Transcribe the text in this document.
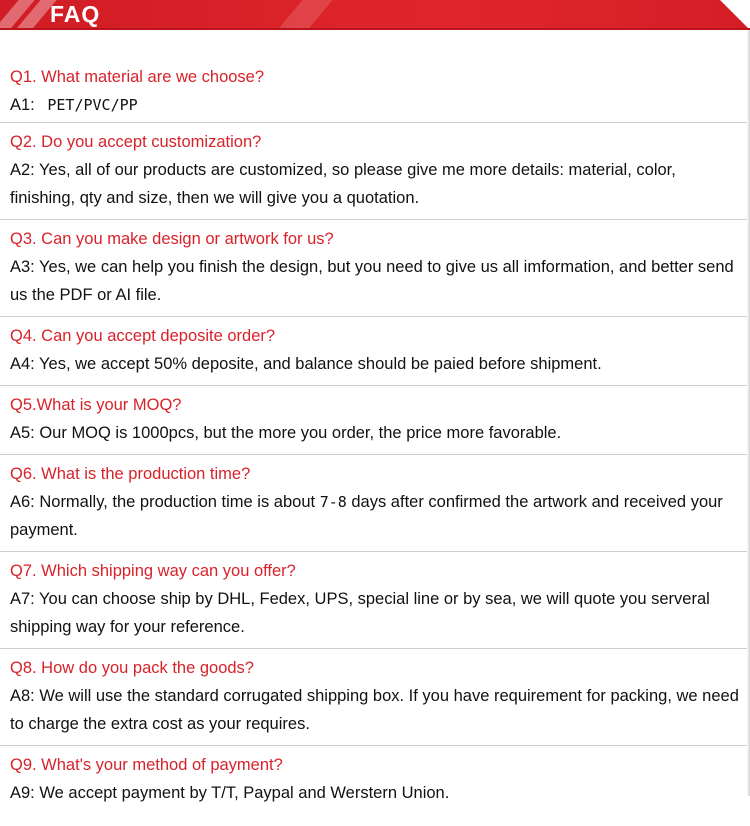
FAQ
Q1. What material are we choose?
A1: PET/PVC/PP
Q2. Do you accept customization?
A2: Yes, all of our products are customized, so please give me more details: material, color, finishing, qty and size, then we will give you a quotation.
Q3. Can you make design or artwork for us?
A3: Yes, we can help you finish the design, but you need to give us all imformation, and better send us the PDF or AI file.
Q4. Can you accept deposite order?
A4: Yes, we accept 50% deposite, and balance should be paied before shipment.
Q5.What is your MOQ?
A5: Our MOQ is 1000pcs, but the more you order, the price more favorable.
Q6. What is the production time?
A6: Normally, the production time is about 7-8 days after confirmed the artwork and received your payment.
Q7. Which shipping way can you offer?
A7: You can choose ship by DHL, Fedex, UPS, special line or by sea, we will quote you serveral shipping way for your reference.
Q8. How do you pack the goods?
A8: We will use the standard corrugated shipping box. If you have requirement for packing, we need to charge the extra cost as your requires.
Q9. What's your method of payment?
A9: We accept payment by T/T, Paypal and Werstern Union.
